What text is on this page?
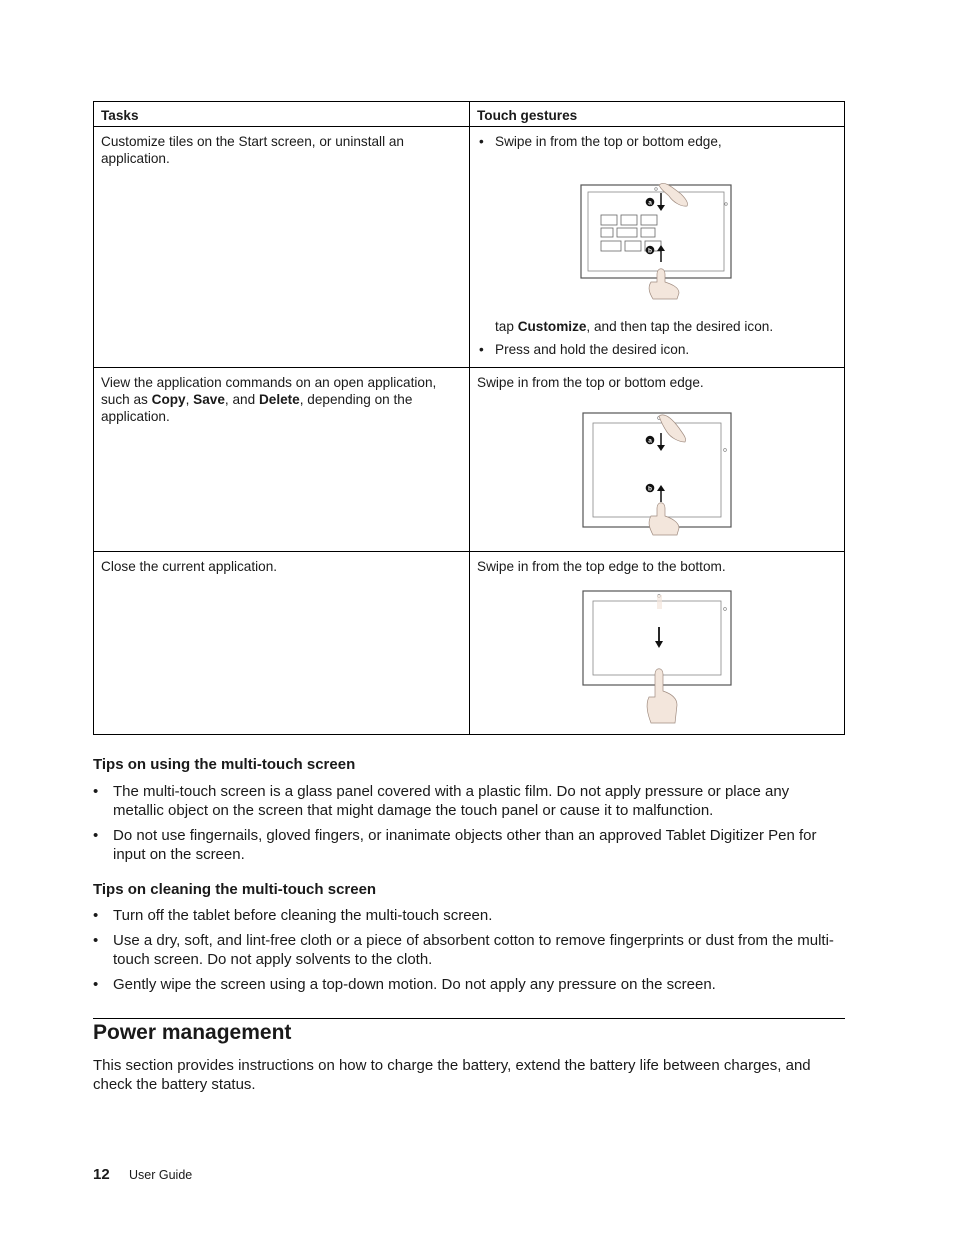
Tasks	Touch gestures
Customize tiles on the Start screen, or uninstall an application.	• Swipe in from the top or bottom edge,
a
b
tap Customize, and then tap the desired icon.
• Press and hold the desired icon.

View the application commands on an open application, such as Copy, Save, and Delete, depending on the application.	Swipe in from the top or bottom edge.
a
b

Close the current application.	Swipe in from the top edge to the bottom.
Tips on using the multi-touch screen
• The multi-touch screen is a glass panel covered with a plastic film. Do not apply pressure or place any metallic object on the screen that might damage the touch panel or cause it to malfunction.
• Do not use fingernails, gloved fingers, or inanimate objects other than an approved Tablet Digitizer Pen for input on the screen.
Tips on cleaning the multi-touch screen
• Turn off the tablet before cleaning the multi-touch screen.
• Use a dry, soft, and lint-free cloth or a piece of absorbent cotton to remove fingerprints or dust from the multi-touch screen. Do not apply solvents to the cloth.
• Gently wipe the screen using a top-down motion. Do not apply any pressure on the screen.
Power management
This section provides instructions on how to charge the battery, extend the battery life between charges, and check the battery status.
12 User Guide
